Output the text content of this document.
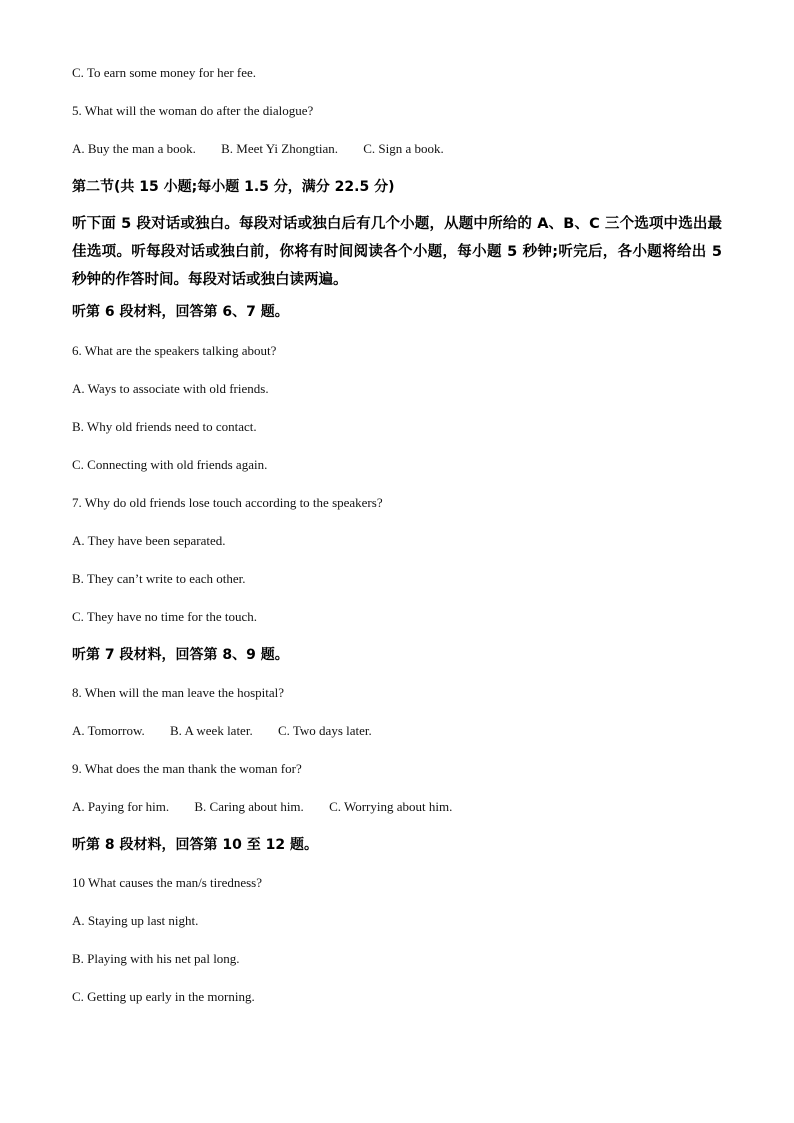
C. To earn some money for her fee.
5. What will the woman do after the dialogue?
A. Buy the man a book. B. Meet Yi Zhongtian. C. Sign a book.
第二节(共 15 小题;每小题 1.5 分，满分 22.5 分)
听下面 5 段对话或独白。每段对话或独白后有几个小题，从题中所给的 A、B、C 三个选项中选出最佳选项。听每段对话或独白前，你将有时间阅读各个小题，每小题 5 秒钟;听完后，各小题将给出 5 秒钟的作答时间。每段对话或独白读两遍。
听第 6 段材料，回答第 6、7 题。
6. What are the speakers talking about?
A. Ways to associate with old friends.
B. Why old friends need to contact.
C. Connecting with old friends again.
7. Why do old friends lose touch according to the speakers?
A. They have been separated.
B. They can’t write to each other.
C. They have no time for the touch.
听第 7 段材料，回答第 8、9 题。
8. When will the man leave the hospital?
A. Tomorrow. B. A week later. C. Two days later.
9. What does the man thank the woman for?
A. Paying for him. B. Caring about him. C. Worrying about him.
听第 8 段材料，回答第 10 至 12 题。
10 What causes the man/s tiredness?
A. Staying up last night.
B. Playing with his net pal long.
C. Getting up early in the morning.
